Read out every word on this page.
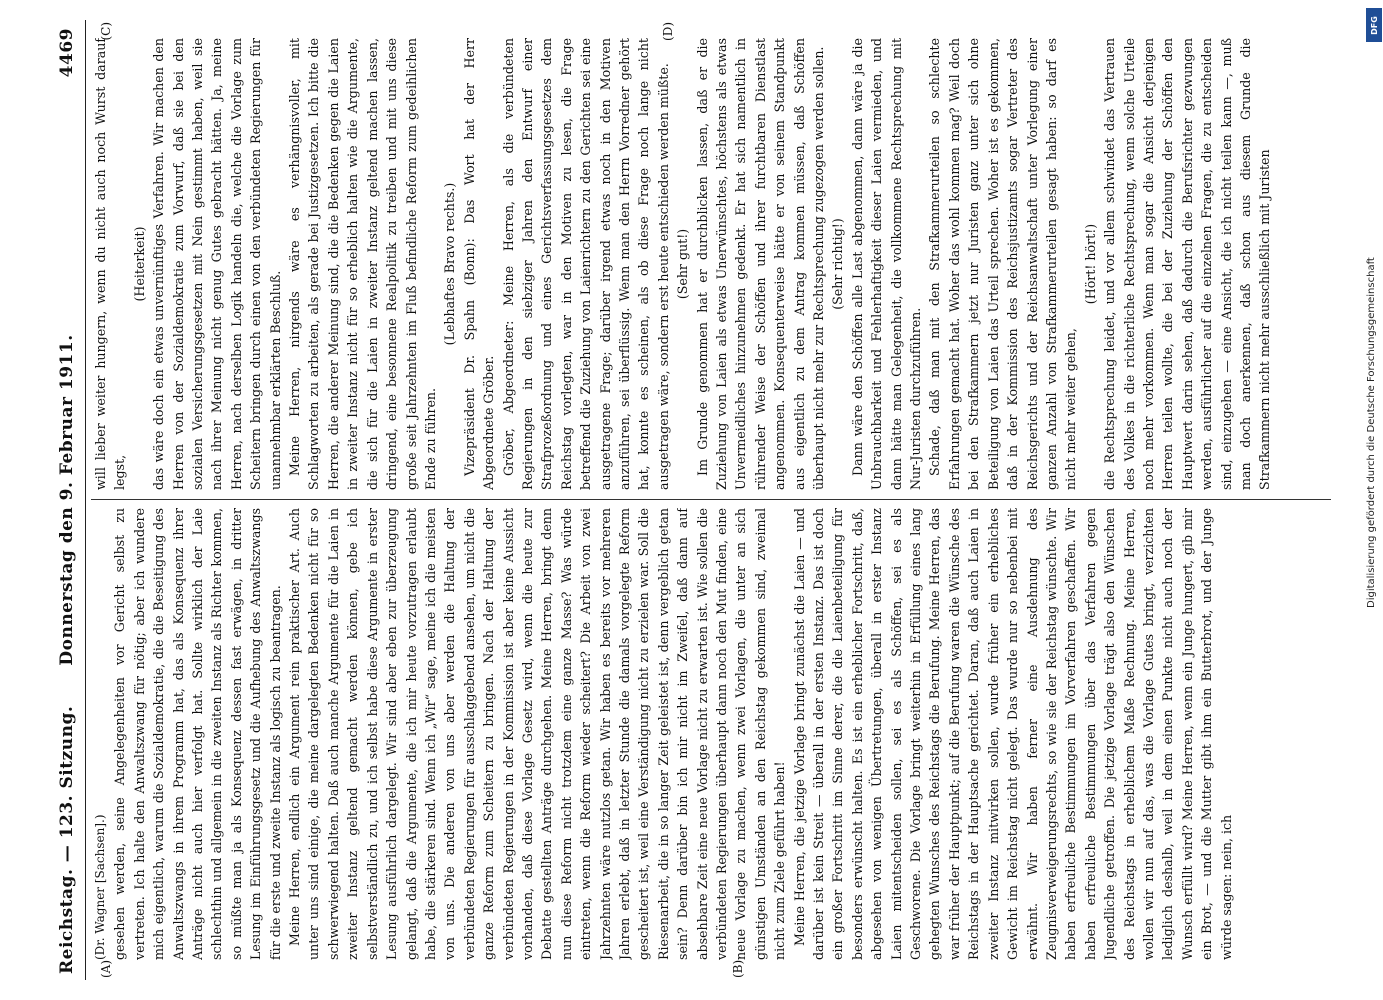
Reichstag. — 123. Sitzung.
Donnerstag den 9. Februar 1911.
4469
(A)	(B)
(C)	(D)

(Dr. Wagner [Sachsen].) gesehen werden, seine Angelegenheiten vor Gericht selbst zu vertreten. Ich halte den Anwaltszwang für nötig; aber ich wundere mich eigentlich, warum die Sozialdemokratie, die die Beseitigung des Anwaltszwangs in ihrem Programm hat, das als Konsequenz ihrer Anträge nicht auch hier verfolgt hat. Sollte wirklich der Laie schlechthin und allgemein in die zweiten Instanz als Richter kommen, so müßte man ja als Konsequenz dessen fast erwägen, in dritter Lesung im Einführungsgesetz und die Aufhebung des Anwaltszwangs für die erste und zweite Instanz als logisch zu beantragen. Meine Herren, endlich ein Argument rein praktischer Art. Auch unter uns sind einige, die meine dargelegten Bedenken nicht für so schwerwiegend halten. Daß auch manche Argumente für die Laien in zweiter Instanz geltend gemacht werden können, gebe ich selbstverständlich zu, und ich selbst habe diese Argumente in erster Lesung ausführlich dargelegt. Wir sind aber eben zur überzeugung gelangt, daß die Argumente, die ich mir heute vorzutragen erlaubt habe, die stärkeren sind. Wenn ich „Wir“ sage, meine ich die meisten von uns. Die anderen von uns aber werden die Haltung der verbündeten Regierungen für ausschlaggebend ansehen, um nicht die ganze Reform zum Scheitern zu bringen. Nach der Haltung der verbündeten Regierungen in der Kommission ist aber keine Aussicht vorhanden, daß diese Vorlage Gesetz wird, wenn die heute zur Debatte gestellten Anträge durchgehen. Meine Herren, bringt denn nun diese Reform nicht trotzdem eine ganze Masse? Was würde eintreten, wenn die Reform wieder scheitert? Die Arbeit von zwei Jahrzehnten wäre nutzlos getan. Wir haben es bereits vor mehreren Jahren erlebt, daß in letzter Stunde die damals vorgelegte Reform gescheitert ist, weil eine Verständigung nicht zu erzielen war. Soll die Riesenarbeit, die in so langer Zeit geleistet ist, denn vergeblich getan sein? Denn darüber bin ich mir nicht im Zweifel, daß dann auf absehbare Zeit eine neue Vorlage nicht zu erwarten ist. Wie sollen die verbündeten Regierungen überhaupt dann noch den Mut finden, eine neue Vorlage zu machen, wenn zwei Vorlagen, die unter an sich günstigen Umständen an den Reichstag gekommen sind, zweimal nicht zum Ziele geführt haben! Meine Herren, die jetzige Vorlage bringt zunächst die Laien — und darüber ist kein Streit — überall in der ersten Instanz. Das ist doch ein großer Fortschritt im Sinne derer, die die Laienbeteiligung für besonders erwünscht halten. Es ist ein erheblicher Fortschritt, daß, abgesehen von wenigen Übertretungen, überall in erster Instanz Laien mitentscheiden sollen, sei es als Schöffen, sei es als Geschworene. Die Vorlage bringt weiterhin in Erfüllung eines lang gehegten Wunsches des Reichstags die Berufung. Meine Herren, das war früher der Hauptpunkt; auf die Berufung waren die Wünsche des Reichstags in der Hauptsache gerichtet. Daran, daß auch Laien in zweiter Instanz mitwirken sollen, wurde früher ein erhebliches Gewicht im Reichstag nicht gelegt. Das wurde nur so nebenbei mit erwähnt. Wir haben ferner eine Ausdehnung des Zeugnisverweigerungsrechts, so wie sie der Reichstag wünschte. Wir haben erfreuliche Bestimmungen im Vorverfahren geschaffen. Wir haben erfreuliche Bestimmungen über das Verfahren gegen Jugendliche getroffen. Die jetzige Vorlage trägt also den Wünschen des Reichstags in erheblichem Maße Rechnung. Meine Herren, wollen wir nun auf das, was die Vorlage Gutes bringt, verzichten lediglich deshalb, weil in dem einen Punkte nicht auch noch der Wunsch erfüllt wird? Meine Herren, wenn ein Junge hungert, gib mir ein Brot, — und die Mutter gibt ihm ein Butterbrot, und der Junge würde sagen: nein, ich

will lieber weiter hungern, wenn du nicht auch noch Wurst darauf legst,

(Heiterkeit) das wäre doch ein etwas unvernünftiges Verfahren. Wir machen den Herren von der Sozialdemokratie zum Vorwurf, daß sie bei den sozialen Versicherungsgesetzen mit Nein gestimmt haben, weil sie nach ihrer Meinung nicht genug Gutes gebracht hätten. Ja, meine Herren, nach derselben Logik handeln die, welche die Vorlage zum Scheitern bringen durch einen von den verbündeten Regierungen für unannehmbar erklärten Beschluß. Meine Herren, nirgends wäre es verhängnisvoller, mit Schlagworten zu arbeiten, als gerade bei Justizgesetzen. Ich bitte die Herren, die anderer Meinung sind, die die Bedenken gegen die Laien in zweiter Instanz nicht für so erheblich halten wie die Argumente, die sich für die Laien in zweiter Instanz geltend machen lassen, dringend, eine besonnene Realpolitik zu treiben und mit uns diese große seit Jahrzehnten im Fluß befindliche Reform zum gedeihlichen Ende zu führen.

(Lebhaftes Bravo rechts.) Vizepräsident Dr. Spahn (Bonn): Das Wort hat der Herr Abgeordnete Gröber. Gröber, Abgeordneter: Meine Herren, als die verbündeten Regierungen in den siebziger Jahren den Entwurf einer Strafprozeßordnung und eines Gerichtsverfassungsgesetzes dem Reichstag vorlegten, war in den Motiven zu lesen, die Frage betreffend die Zuziehung von Laienrichtern zu den Gerichten sei eine ausgetragene Frage; darüber irgend etwas noch in den Motiven anzuführen, sei überflüssig. Wenn man den Herrn Vorredner gehört hat, konnte es scheinen, als ob diese Frage noch lange nicht ausgetragen wäre, sondern erst heute entschieden werden müßte. (Sehr gut!) Im Grunde genommen hat er durchblicken lassen, daß er die Zuziehung von Laien als etwas Unerwünschtes, höchstens als etwas Unvermeidliches hinzunehmen gedenkt. Er hat sich namentlich in rührender Weise der Schöffen und ihrer furchtbaren Dienstlast angenommen. Konsequenterweise hätte er von seinem Standpunkt aus eigentlich zu dem Antrag kommen müssen, daß Schöffen überhaupt nicht mehr zur Rechtsprechung zugezogen werden sollen. (Sehr richtig!) Dann wäre den Schöffen alle Last abgenommen, dann wäre ja die Unbrauchbarkeit und Fehlerhaftigkeit dieser Laien vermieden, und dann hätte man Gelegenheit, die vollkommene Rechtsprechung mit Nur-Juristen durchzuführen. Schade, daß man mit den Strafkammerurteilen so schlechte Erfahrungen gemacht hat. Woher das wohl kommen mag? Weil doch bei den Strafkammern jetzt nur Juristen ganz unter sich ohne Beteiligung von Laien das Urteil sprechen. Woher ist es gekommen, daß in der Kommission des Reichsjustizamts sogar Vertreter des Reichsgerichts und der Reichsanwaltschaft unter Vorlegung einer ganzen Anzahl von Strafkammerurteilen gesagt haben: so darf es nicht mehr weiter gehen,

(Hört! hört!) die Rechtsprechung leidet, und vor allem schwindet das Vertrauen des Volkes in die richterliche Rechtsprechung, wenn solche Urteile noch mehr vorkommen. Wenn man sogar die Ansicht derjenigen Herren teilen wollte, die bei der Zuziehung der Schöffen den Hauptwert darin sehen, daß dadurch die Berufsrichter gezwungen werden, ausführlicher auf die einzelnen Fragen, die zu entscheiden sind, einzugehen — eine Ansicht, die ich nicht teilen kann —, muß man doch anerkennen, daß schon aus diesem Grunde die Strafkammern nicht mehr ausschließlich mit Juristen

DFG
Digitalisierung gefördert durch die Deutsche Forschungsgemeinschaft
